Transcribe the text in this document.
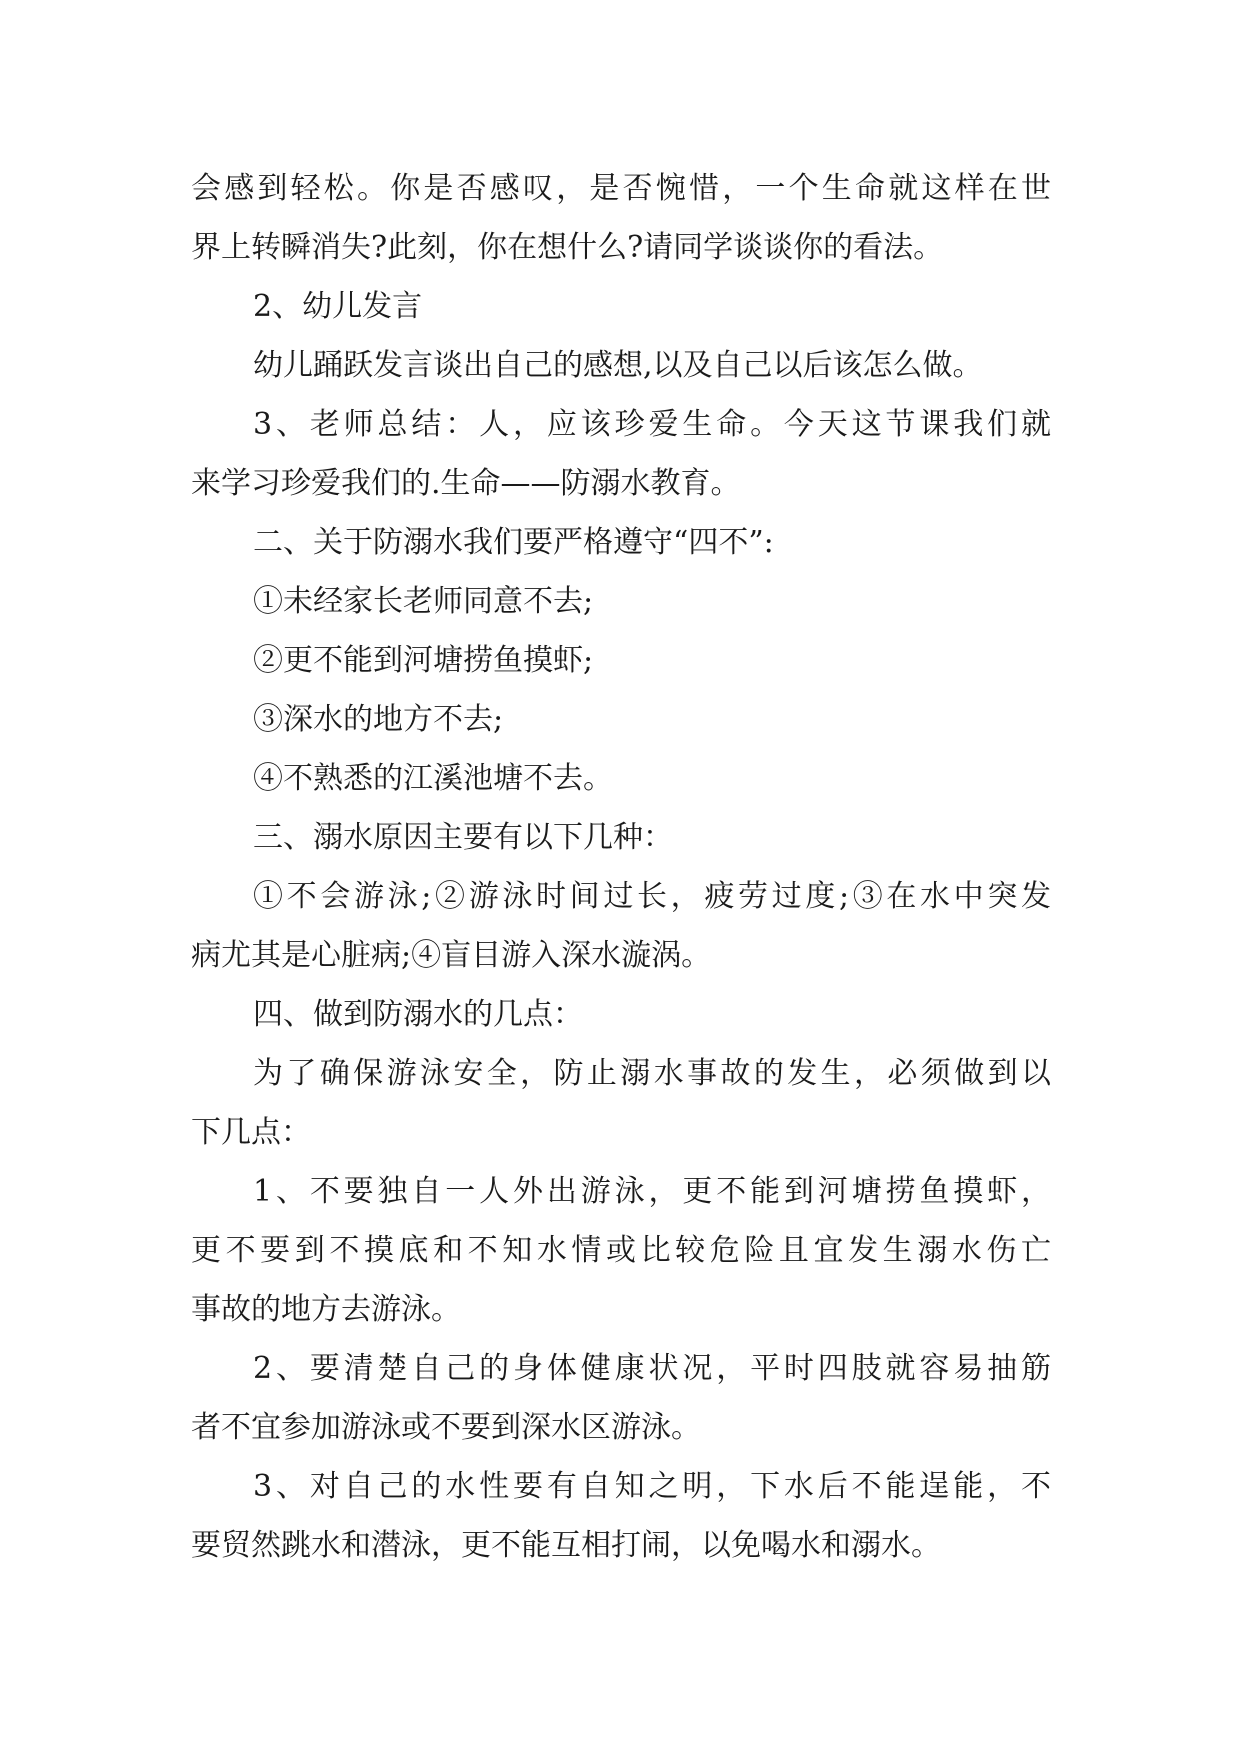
会感到轻松。你是否感叹，是否惋惜，一个生命就这样在世
界上转瞬消失?此刻，你在想什么?请同学谈谈你的看法。
2、幼儿发言
幼儿踊跃发言谈出自己的感想,以及自己以后该怎么做。
3、老师总结：人，应该珍爱生命。今天这节课我们就
来学习珍爱我们的.生命——防溺水教育。
二、关于防溺水我们要严格遵守“四不”:
①未经家长老师同意不去;
②更不能到河塘捞鱼摸虾;
③深水的地方不去;
④不熟悉的江溪池塘不去。
三、溺水原因主要有以下几种：
①不会游泳;②游泳时间过长，疲劳过度;③在水中突发
病尤其是心脏病;④盲目游入深水漩涡。
四、做到防溺水的几点：
为了确保游泳安全，防止溺水事故的发生，必须做到以
下几点：
1、不要独自一人外出游泳，更不能到河塘捞鱼摸虾，
更不要到不摸底和不知水情或比较危险且宜发生溺水伤亡
事故的地方去游泳。
2、要清楚自己的身体健康状况，平时四肢就容易抽筋
者不宜参加游泳或不要到深水区游泳。
3、对自己的水性要有自知之明，下水后不能逞能，不
要贸然跳水和潜泳，更不能互相打闹，以免喝水和溺水。
